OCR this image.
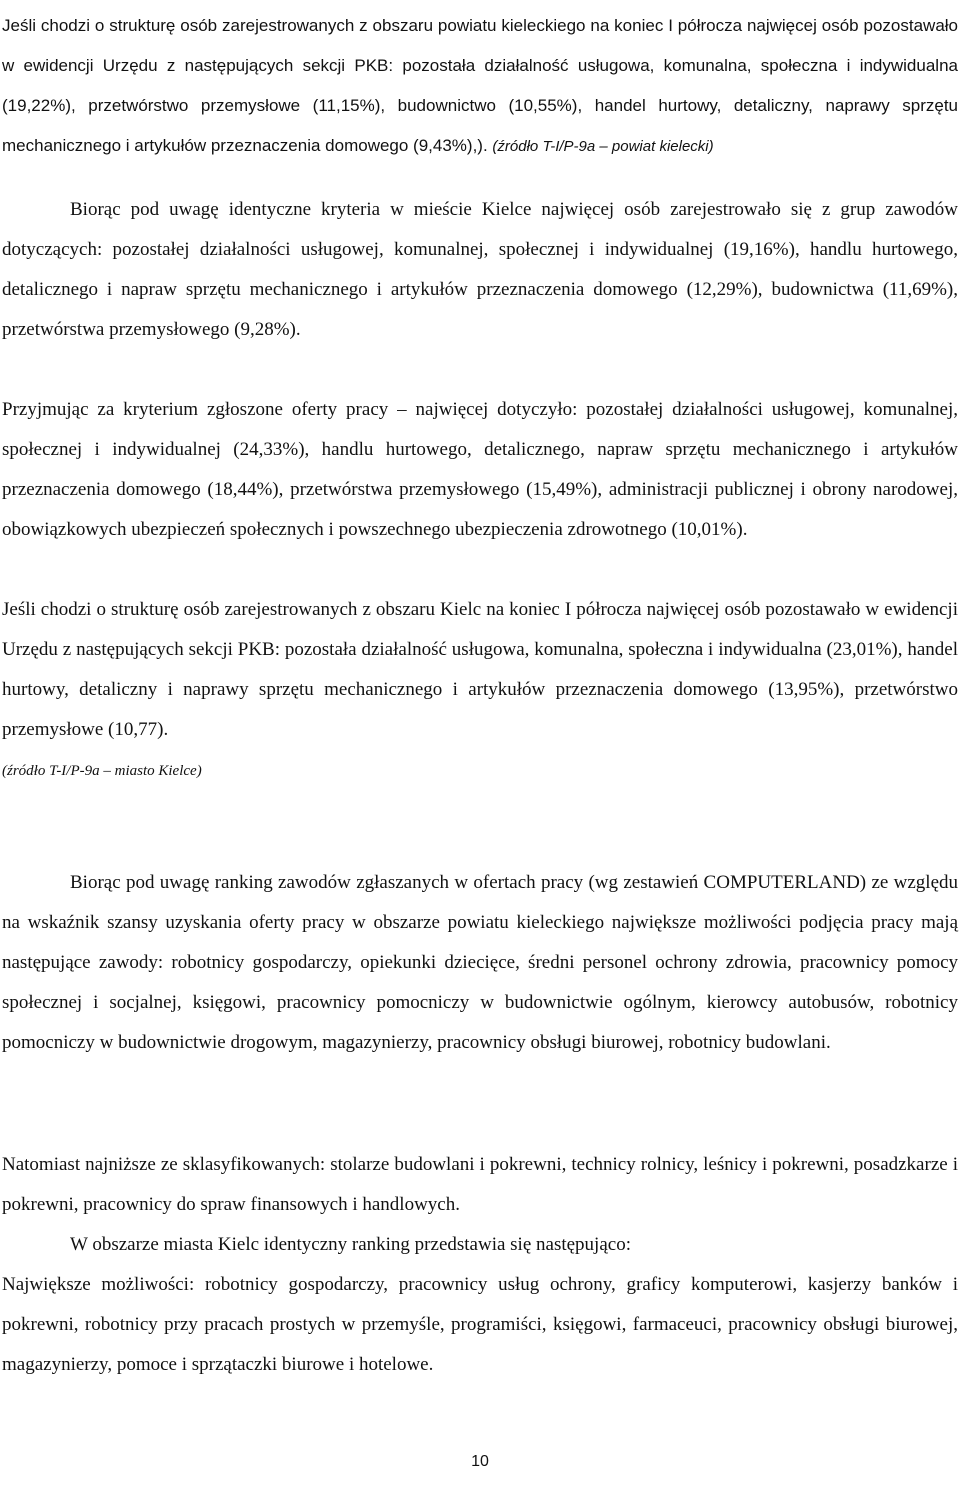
Jeśli chodzi o strukturę osób zarejestrowanych z obszaru powiatu kieleckiego na koniec I półrocza najwięcej osób pozostawało w ewidencji Urzędu z następujących sekcji PKB: pozostała działalność usługowa, komunalna, społeczna i indywidualna (19,22%), przetwórstwo przemysłowe (11,15%), budownictwo (10,55%), handel hurtowy, detaliczny, naprawy sprzętu mechanicznego i artykułów przeznaczenia domowego (9,43%),). (źródło T-I/P-9a – powiat kielecki)

Biorąc pod uwagę identyczne kryteria w mieście Kielce najwięcej osób zarejestrowało się z grup zawodów dotyczących: pozostałej działalności usługowej, komunalnej, społecznej i indywidualnej (19,16%), handlu hurtowego, detalicznego i napraw sprzętu mechanicznego i artykułów przeznaczenia domowego (12,29%), budownictwa (11,69%), przetwórstwa przemysłowego (9,28%).

Przyjmując za kryterium zgłoszone oferty pracy – najwięcej dotyczyło: pozostałej działalności usługowej, komunalnej, społecznej i indywidualnej (24,33%), handlu hurtowego, detalicznego, napraw sprzętu mechanicznego i artykułów przeznaczenia domowego (18,44%), przetwórstwa przemysłowego (15,49%), administracji publicznej i obrony narodowej, obowiązkowych ubezpieczeń społecznych i powszechnego ubezpieczenia zdrowotnego (10,01%).

Jeśli chodzi o strukturę osób zarejestrowanych z obszaru Kielc na koniec I półrocza najwięcej osób pozostawało w ewidencji Urzędu z następujących sekcji PKB: pozostała działalność usługowa, komunalna, społeczna i indywidualna (23,01%), handel hurtowy, detaliczny i naprawy sprzętu mechanicznego i artykułów przeznaczenia domowego (13,95%), przetwórstwo przemysłowe (10,77).
(źródło T-I/P-9a – miasto Kielce)

Biorąc pod uwagę ranking zawodów zgłaszanych w ofertach pracy (wg zestawień COMPUTERLAND) ze względu na wskaźnik szansy uzyskania oferty pracy w obszarze powiatu kieleckiego największe możliwości podjęcia pracy mają następujące zawody: robotnicy gospodarczy, opiekunki dziecięce, średni personel ochrony zdrowia, pracownicy pomocy społecznej i socjalnej, księgowi, pracownicy pomocniczy w budownictwie ogólnym, kierowcy autobusów, robotnicy pomocniczy w budownictwie drogowym, magazynierzy, pracownicy obsługi biurowej, robotnicy budowlani.

Natomiast najniższe ze sklasyfikowanych: stolarze budowlani i pokrewni, technicy rolnicy, leśnicy i pokrewni, posadzkarze i pokrewni, pracownicy do spraw finansowych i handlowych.

W obszarze miasta Kielc identyczny ranking przedstawia się następująco:

Największe możliwości: robotnicy gospodarczy, pracownicy usług ochrony, graficy komputerowi, kasjerzy banków i pokrewni, robotnicy przy pracach prostych w przemyśle, programiści, księgowi, farmaceuci, pracownicy obsługi biurowej, magazynierzy, pomoce i sprzątaczki biurowe i hotelowe.

10
